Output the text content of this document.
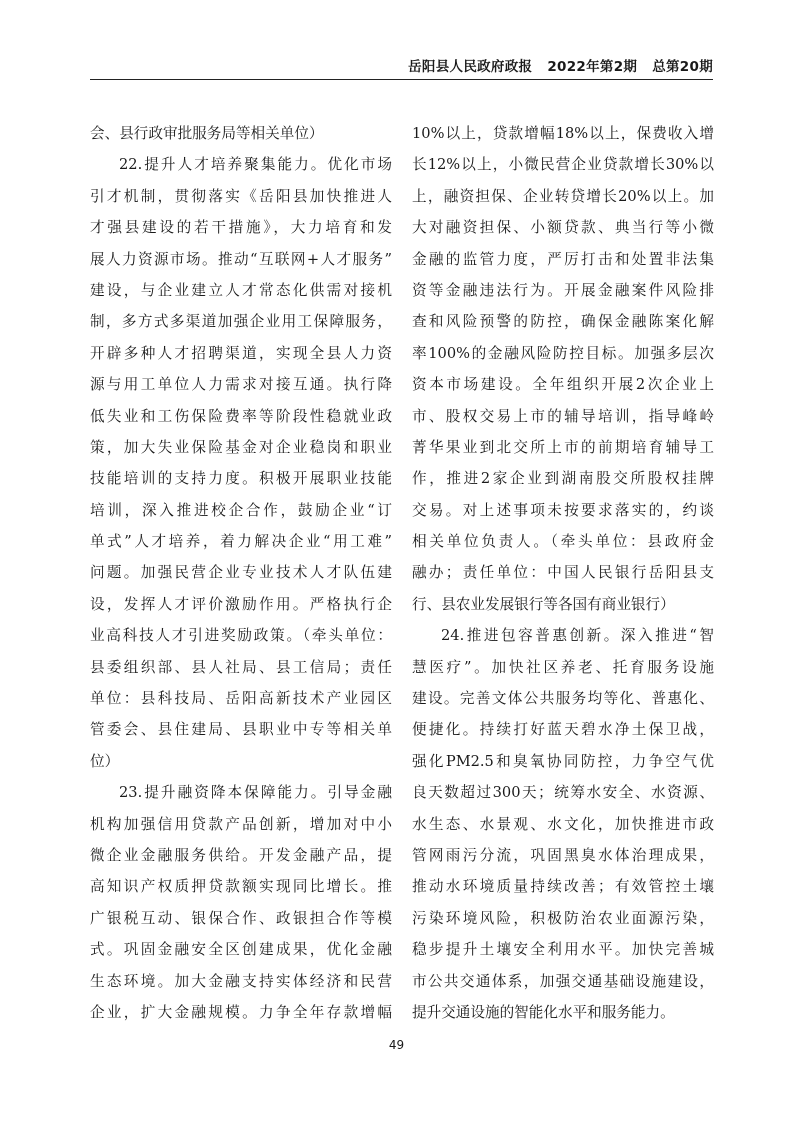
岳阳县人民政府政报 2022年第2期 总第20期
会、县行政审批服务局等相关单位）
22.提升人才培养聚集能力。优化市场
引才机制，贯彻落实《岳阳县加快推进人
才强县建设的若干措施》，大力培育和发
展人力资源市场。推动“互联网+人才服务”
建设，与企业建立人才常态化供需对接机
制，多方式多渠道加强企业用工保障服务，
开辟多种人才招聘渠道，实现全县人力资
源与用工单位人力需求对接互通。执行降
低失业和工伤保险费率等阶段性稳就业政
策，加大失业保险基金对企业稳岗和职业
技能培训的支持力度。积极开展职业技能
培训，深入推进校企合作，鼓励企业“订
单式”人才培养，着力解决企业“用工难”
问题。加强民营企业专业技术人才队伍建
设，发挥人才评价激励作用。严格执行企
业高科技人才引进奖励政策。（牵头单位：
县委组织部、县人社局、县工信局；责任
单位：县科技局、岳阳高新技术产业园区
管委会、县住建局、县职业中专等相关单
位）
23.提升融资降本保障能力。引导金融
机构加强信用贷款产品创新，增加对中小
微企业金融服务供给。开发金融产品，提
高知识产权质押贷款额实现同比增长。推
广银税互动、银保合作、政银担合作等模
式。巩固金融安全区创建成果，优化金融
生态环境。加大金融支持实体经济和民营
企业，扩大金融规模。力争全年存款增幅
10%以上，贷款增幅18%以上，保费收入增
长12%以上，小微民营企业贷款增长30%以
上，融资担保、企业转贷增长20%以上。加
大对融资担保、小额贷款、典当行等小微
金融的监管力度，严厉打击和处置非法集
资等金融违法行为。开展金融案件风险排
查和风险预警的防控，确保金融陈案化解
率100%的金融风险防控目标。加强多层次
资本市场建设。全年组织开展2次企业上
市、股权交易上市的辅导培训，指导峰岭
菁华果业到北交所上市的前期培育辅导工
作，推进2家企业到湖南股交所股权挂牌
交易。对上述事项未按要求落实的，约谈
相关单位负责人。（牵头单位：县政府金
融办；责任单位：中国人民银行岳阳县支
行、县农业发展银行等各国有商业银行）
24.推进包容普惠创新。深入推进“智
慧医疗”。加快社区养老、托育服务设施
建设。完善文体公共服务均等化、普惠化、
便捷化。持续打好蓝天碧水净土保卫战，
强化PM2.5和臭氧协同防控，力争空气优
良天数超过300天；统筹水安全、水资源、
水生态、水景观、水文化，加快推进市政
管网雨污分流，巩固黑臭水体治理成果，
推动水环境质量持续改善；有效管控土壤
污染环境风险，积极防治农业面源污染，
稳步提升土壤安全利用水平。加快完善城
市公共交通体系，加强交通基础设施建设，
提升交通设施的智能化水平和服务能力。
49
